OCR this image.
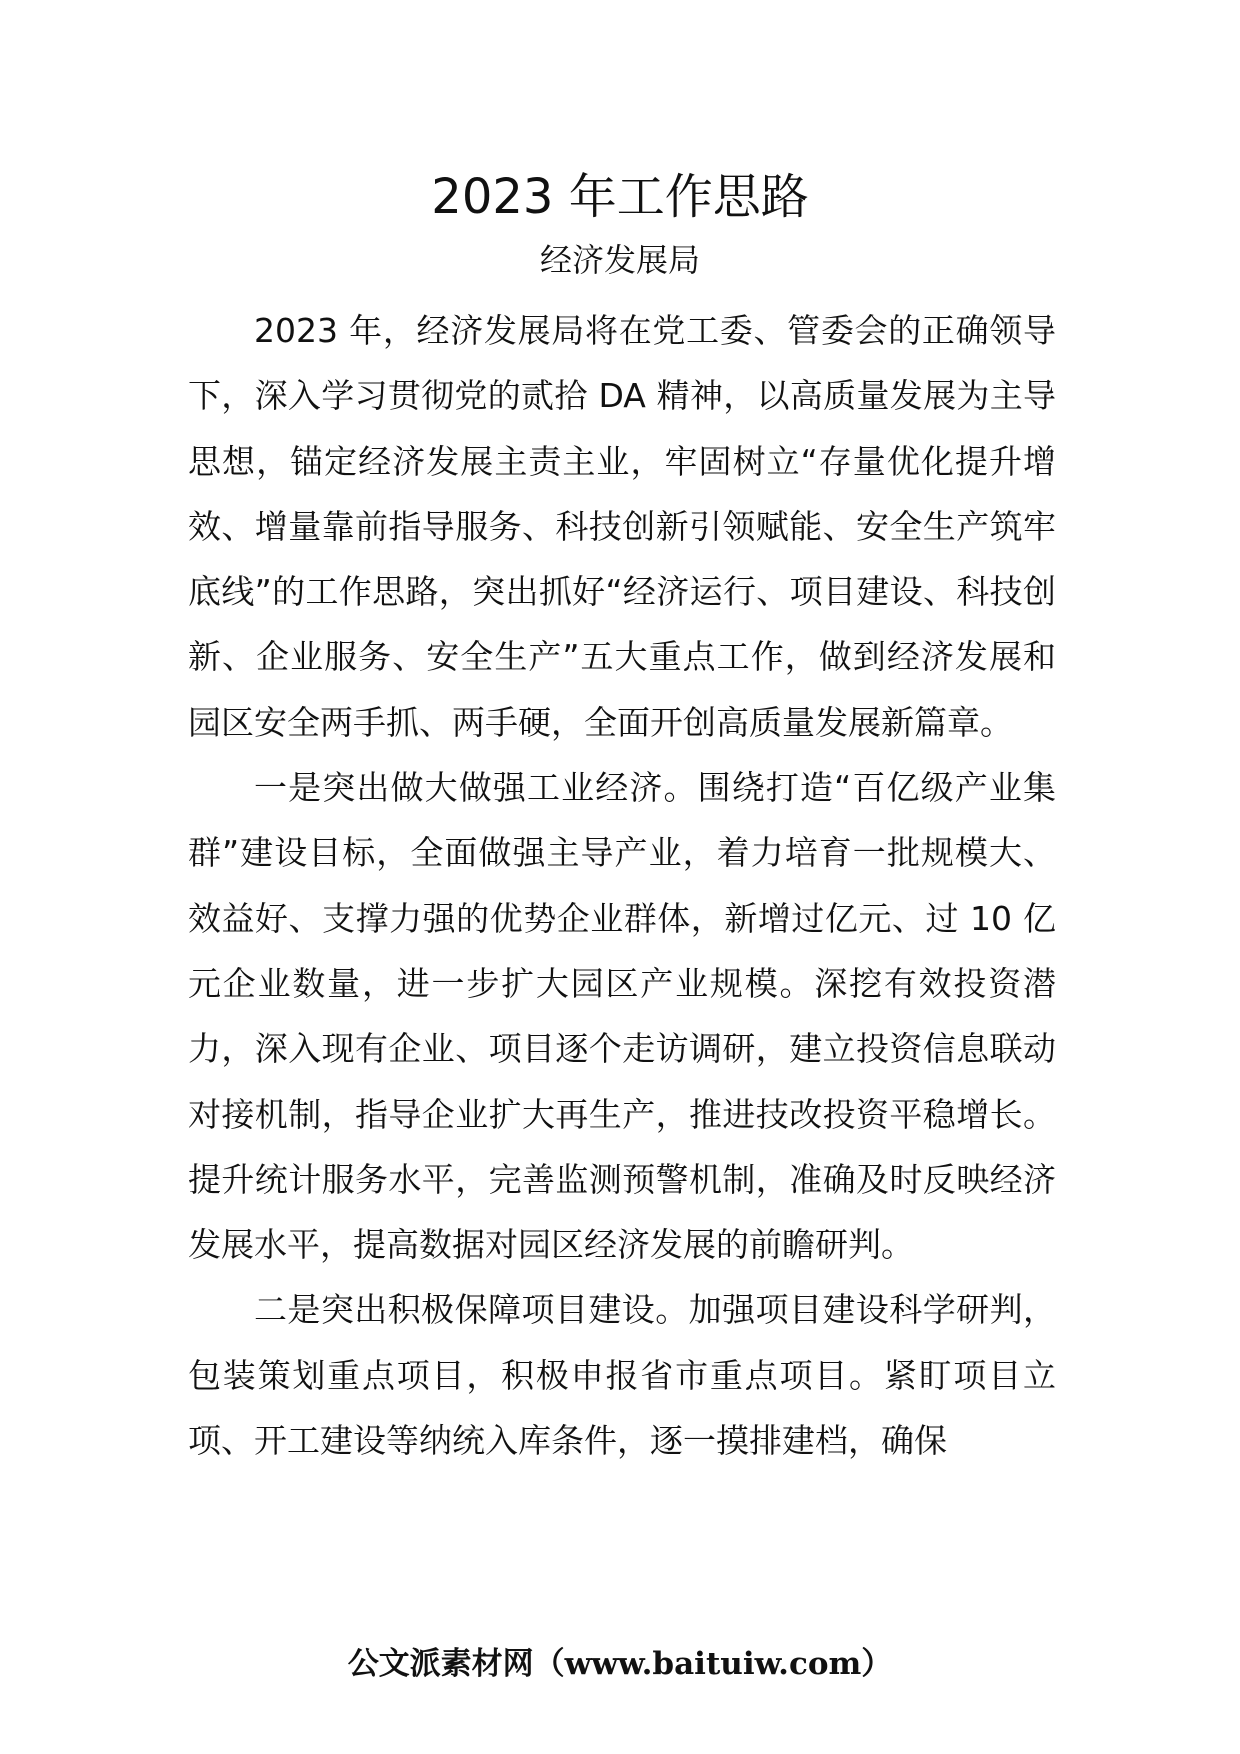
2023 年工作思路
经济发展局

2023 年，经济发展局将在党工委、管委会的正确领导下，深入学习贯彻党的贰拾 DA 精神，以高质量发展为主导思想，锚定经济发展主责主业，牢固树立“存量优化提升增效、增量靠前指导服务、科技创新引领赋能、安全生产筑牢底线”的工作思路，突出抓好“经济运行、项目建设、科技创新、企业服务、安全生产”五大重点工作，做到经济发展和园区安全两手抓、两手硬，全面开创高质量发展新篇章。

一是突出做大做强工业经济。围绕打造“百亿级产业集群”建设目标，全面做强主导产业，着力培育一批规模大、效益好、支撑力强的优势企业群体，新增过亿元、过 10 亿元企业数量，进一步扩大园区产业规模。深挖有效投资潜力，深入现有企业、项目逐个走访调研，建立投资信息联动对接机制，指导企业扩大再生产，推进技改投资平稳增长。提升统计服务水平，完善监测预警机制，准确及时反映经济发展水平，提高数据对园区经济发展的前瞻研判。

二是突出积极保障项目建设。加强项目建设科学研判，包装策划重点项目，积极申报省市重点项目。紧盯项目立项、开工建设等纳统入库条件，逐一摸排建档，确保

公文派素材网（www.baituiw.com）
